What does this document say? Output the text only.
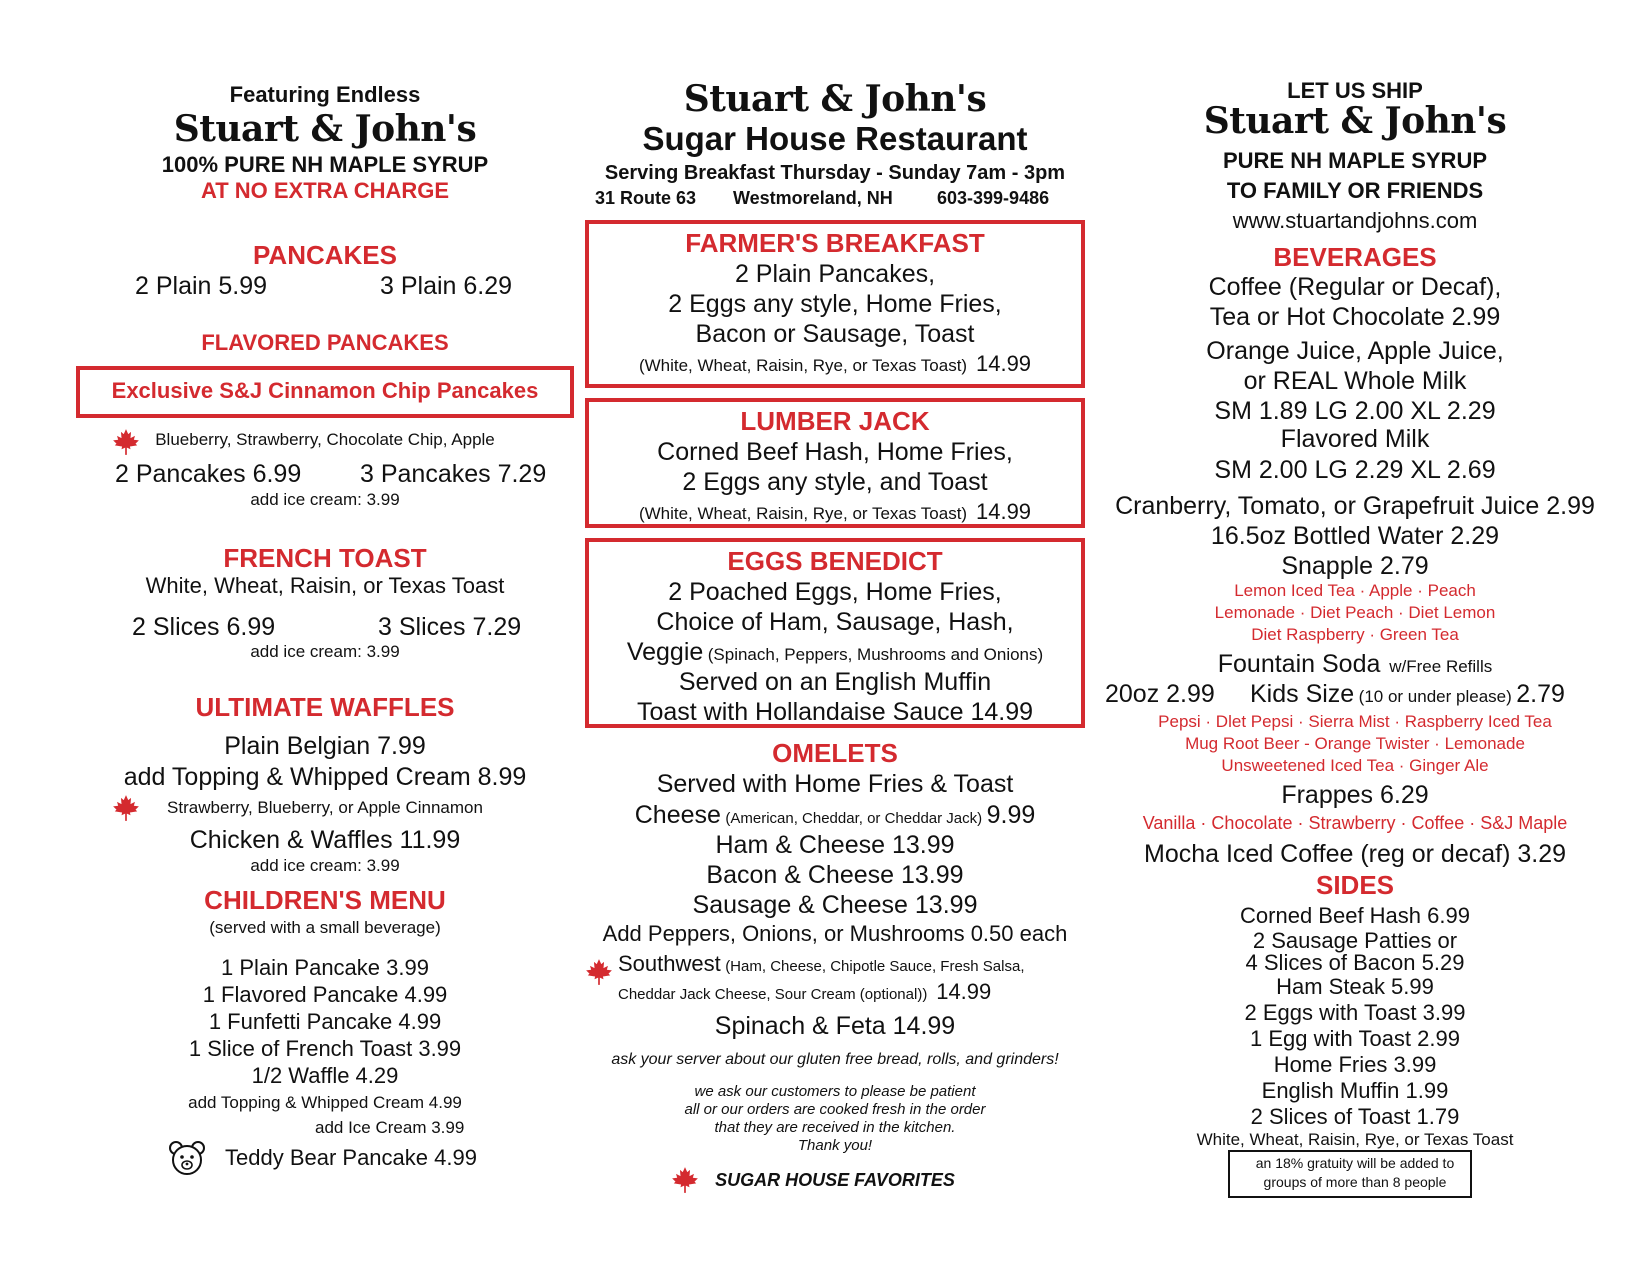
Featuring Endless
Stuart & John's
100% PURE NH MAPLE SYRUP
AT NO EXTRA CHARGE
PANCAKES
2 Plain 5.99	3 Plain 6.29
FLAVORED PANCAKES
Exclusive S&J Cinnamon Chip Pancakes
Blueberry, Strawberry, Chocolate Chip, Apple
2 Pancakes 6.99 3 Pancakes 7.29
add ice cream: 3.99
FRENCH TOAST
White, Wheat, Raisin, or Texas Toast
2 Slices 6.99	3 Slices 7.29
add ice cream: 3.99
ULTIMATE WAFFLES
Plain Belgian 7.99
add Topping & Whipped Cream 8.99
Strawberry, Blueberry, or Apple Cinnamon
Chicken & Waffles 11.99
add ice cream: 3.99
CHILDREN'S MENU
(served with a small beverage)
1 Plain Pancake 3.99
1 Flavored Pancake 4.99
1 Funfetti Pancake 4.99
1 Slice of French Toast 3.99
1/2 Waffle 4.29
add Topping & Whipped Cream 4.99
add Ice Cream 3.99
Teddy Bear Pancake 4.99
Stuart & John's
Sugar House Restaurant
Serving Breakfast Thursday - Sunday 7am - 3pm
31 Route 63 Westmoreland, NH 603-399-9486
FARMER'S BREAKFAST
2 Plain Pancakes,
2 Eggs any style, Home Fries,
Bacon or Sausage, Toast
(White, Wheat, Raisin, Rye, or Texas Toast) 14.99
LUMBER JACK
Corned Beef Hash, Home Fries,
2 Eggs any style, and Toast
(White, Wheat, Raisin, Rye, or Texas Toast) 14.99
EGGS BENEDICT
2 Poached Eggs, Home Fries,
Choice of Ham, Sausage, Hash,
Veggie (Spinach, Peppers, Mushrooms and Onions)
Served on an English Muffin
Toast with Hollandaise Sauce 14.99
OMELETS
Served with Home Fries & Toast
Cheese (American, Cheddar, or Cheddar Jack) 9.99
Ham & Cheese 13.99
Bacon & Cheese 13.99
Sausage & Cheese 13.99
Add Peppers, Onions, or Mushrooms 0.50 each
Southwest (Ham, Cheese, Chipotle Sauce, Fresh Salsa,
Cheddar Jack Cheese, Sour Cream (optional)) 14.99
Spinach & Feta 14.99
ask your server about our gluten free bread, rolls, and grinders!
we ask our customers to please be patient
all or our orders are cooked fresh in the order
that they are received in the kitchen.
Thank you!
SUGAR HOUSE FAVORITES
LET US SHIP
Stuart & John's
PURE NH MAPLE SYRUP
TO FAMILY OR FRIENDS
www.stuartandjohns.com
BEVERAGES
Coffee (Regular or Decaf),
Tea or Hot Chocolate 2.99
Orange Juice, Apple Juice,
or REAL Whole Milk
SM 1.89 LG 2.00 XL 2.29
Flavored Milk
SM 2.00 LG 2.29 XL 2.69
Cranberry, Tomato, or Grapefruit Juice 2.99
16.5oz Bottled Water 2.29
Snapple 2.79
Lemon Iced Tea · Apple · Peach
Lemonade · Diet Peach · Diet Lemon
Diet Raspberry · Green Tea
Fountain Soda w/Free Refills
20oz 2.99 Kids Size (10 or under please) 2.79
Pepsi · Dlet Pepsi · Sierra Mist · Raspberry Iced Tea
Mug Root Beer - Orange Twister · Lemonade
Unsweetened Iced Tea · Ginger Ale
Frappes 6.29
Vanilla · Chocolate · Strawberry · Coffee · S&J Maple
Mocha Iced Coffee (reg or decaf) 3.29
SIDES
Corned Beef Hash 6.99
2 Sausage Patties or
4 Slices of Bacon 5.29
Ham Steak 5.99
2 Eggs with Toast 3.99
1 Egg with Toast 2.99
Home Fries 3.99
English Muffin 1.99
2 Slices of Toast 1.79
White, Wheat, Raisin, Rye, or Texas Toast
an 18% gratuity will be added to
groups of more than 8 people
